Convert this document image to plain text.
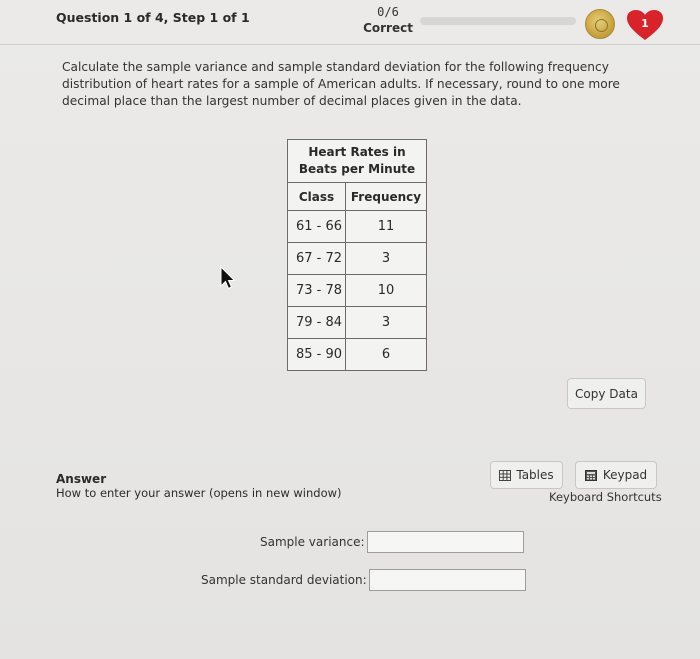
Question 1 of 4, Step 1 of 1	0/6
Correct	1
Calculate the sample variance and sample standard deviation for the following frequency distribution of heart rates for a sample of American adults. If necessary, round to one more decimal place than the largest number of decimal places given in the data.
Heart Rates in Beats per Minute	
Class	Frequency
61 - 66	11
67 - 72	3
73 - 78	10
79 - 84	3
85 - 90	6
Copy Data
Answer
How to enter your answer (opens in new window)
Tables	Keypad
Keyboard Shortcuts
Sample variance:
Sample standard deviation:
